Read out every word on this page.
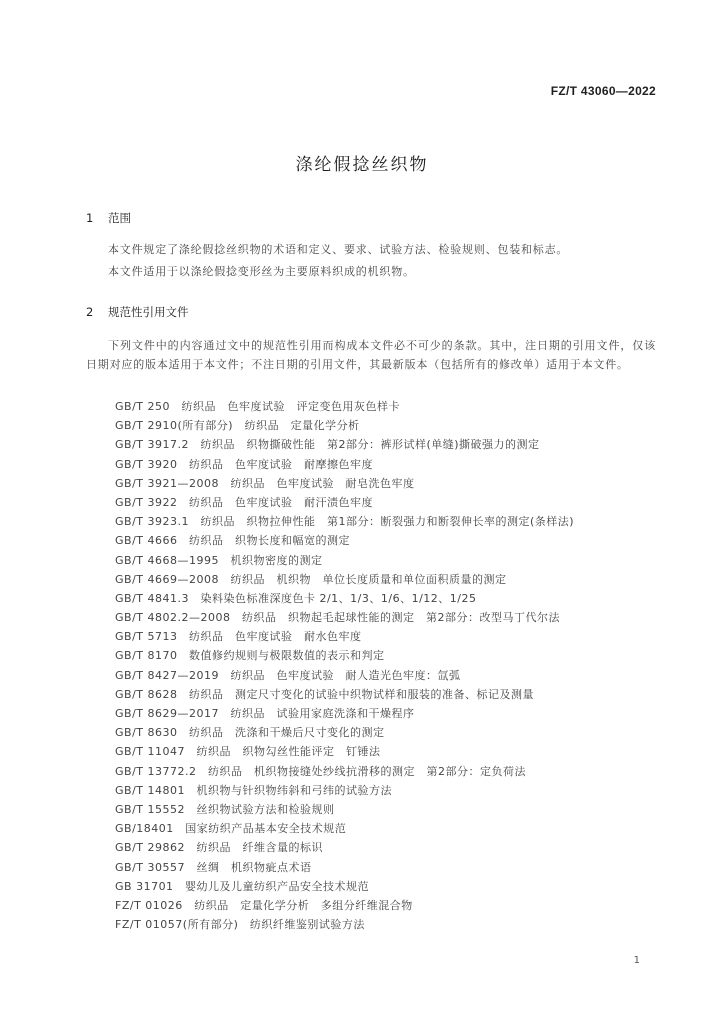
FZ/T 43060—2022
涤纶假捻丝织物
1 范围
本文件规定了涤纶假捻丝织物的术语和定义、要求、试验方法、检验规则、包装和标志。
本文件适用于以涤纶假捻变形丝为主要原料织成的机织物。
2 规范性引用文件
下列文件中的内容通过文中的规范性引用而构成本文件必不可少的条款。其中，注日期的引用文件，仅该日期对应的版本适用于本文件；不注日期的引用文件，其最新版本（包括所有的修改单）适用于本文件。
GB/T 250　纺织品　色牢度试验　评定变色用灰色样卡
GB/T 2910(所有部分)　纺织品　定量化学分析
GB/T 3917.2　纺织品　织物撕破性能　第2部分：裤形试样(单缝)撕破强力的测定
GB/T 3920　纺织品　色牢度试验　耐摩擦色牢度
GB/T 3921—2008　纺织品　色牢度试验　耐皂洗色牢度
GB/T 3922　纺织品　色牢度试验　耐汗渍色牢度
GB/T 3923.1　纺织品　织物拉伸性能　第1部分：断裂强力和断裂伸长率的测定(条样法)
GB/T 4666　纺织品　织物长度和幅宽的测定
GB/T 4668—1995　机织物密度的测定
GB/T 4669—2008　纺织品　机织物　单位长度质量和单位面积质量的测定
GB/T 4841.3　染料染色标准深度色卡 2/1、1/3、1/6、1/12、1/25
GB/T 4802.2—2008　纺织品　织物起毛起球性能的测定　第2部分：改型马丁代尔法
GB/T 5713　纺织品　色牢度试验　耐水色牢度
GB/T 8170　数值修约规则与极限数值的表示和判定
GB/T 8427—2019　纺织品　色牢度试验　耐人造光色牢度：氙弧
GB/T 8628　纺织品　测定尺寸变化的试验中织物试样和服装的准备、标记及测量
GB/T 8629—2017　纺织品　试验用家庭洗涤和干燥程序
GB/T 8630　纺织品　洗涤和干燥后尺寸变化的测定
GB/T 11047　纺织品　织物勾丝性能评定　钉锤法
GB/T 13772.2　纺织品　机织物接缝处纱线抗滑移的测定　第2部分：定负荷法
GB/T 14801　机织物与针织物纬斜和弓纬的试验方法
GB/T 15552　丝织物试验方法和检验规则
GB/18401　国家纺织产品基本安全技术规范
GB/T 29862　纺织品　纤维含量的标识
GB/T 30557　丝绸　机织物疵点术语
GB 31701　婴幼儿及儿童纺织产品安全技术规范
FZ/T 01026　纺织品　定量化学分析　多组分纤维混合物
FZ/T 01057(所有部分)　纺织纤维鉴别试验方法
1
